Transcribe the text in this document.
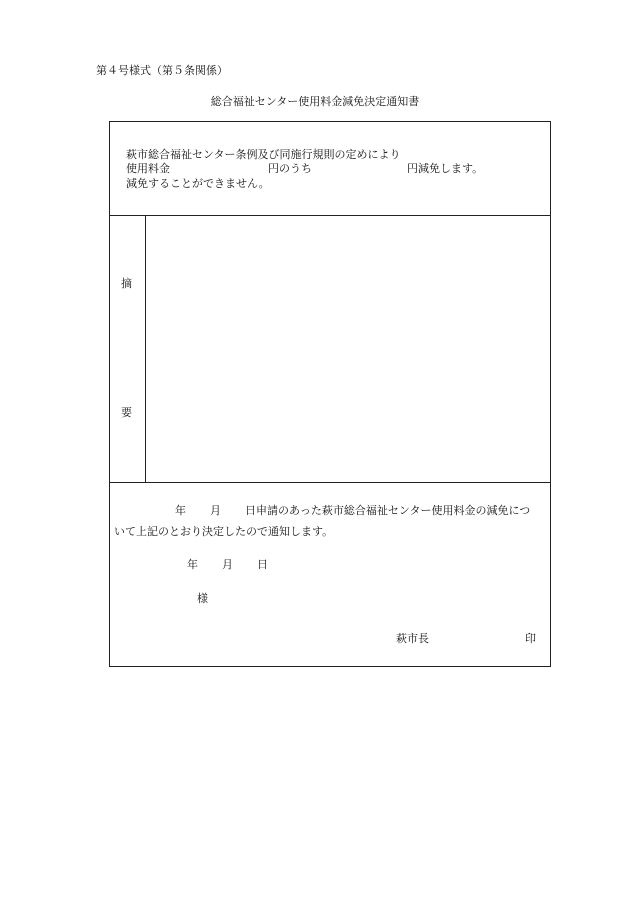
第４号様式（第５条関係）
総合福祉センター使用料金減免決定通知書
萩市総合福祉センター条例及び同施行規則の定めにより
使用料金	円のうち	円減免します。
減免することができません。
摘
要
年 月 日申請のあった萩市総合福祉センター使用料金の減免につ
いて上記のとおり決定したので通知します。
年 月 日
様
萩市長	印
